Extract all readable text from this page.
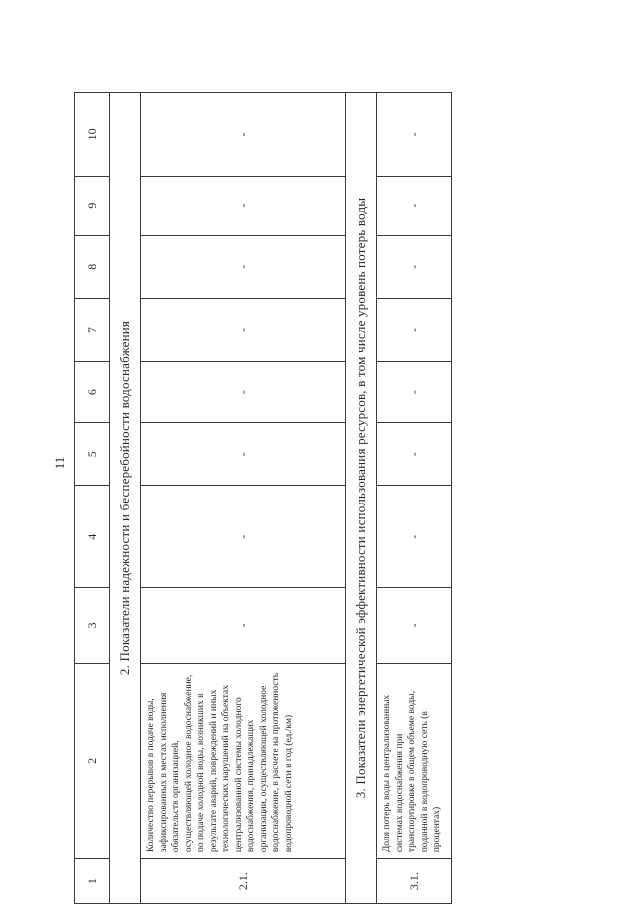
11
1	2	3	4	5	6	7	8	9	10
2. Показатели надежности и бесперебойности водоснабжения									
2.1.	Количество перерывов в подаче воды, зафиксированных в местах исполнения обязательств организацией, осуществляющей холодное водоснабжение, по подаче холодной воды, возникших в результате аварий, повреждений и иных технологических нарушений на объектах централизованной системы холодного водоснабжения, принадлежащих организации, осуществляющей холодное водоснабжение, в расчете на протяженность водопроводной сети в год (ед./км)	-	-	-	-	-	-	-	-
3. Показатели энергетической эффективности использования ресурсов, в том числе уровень потерь воды									
3.1.	Доля потерь воды в централизованных системах водоснабжения при транспортировке в общем объеме воды, поданной в водопроводную сеть (в процентах)	-	-	-	-	-	-	-	-
